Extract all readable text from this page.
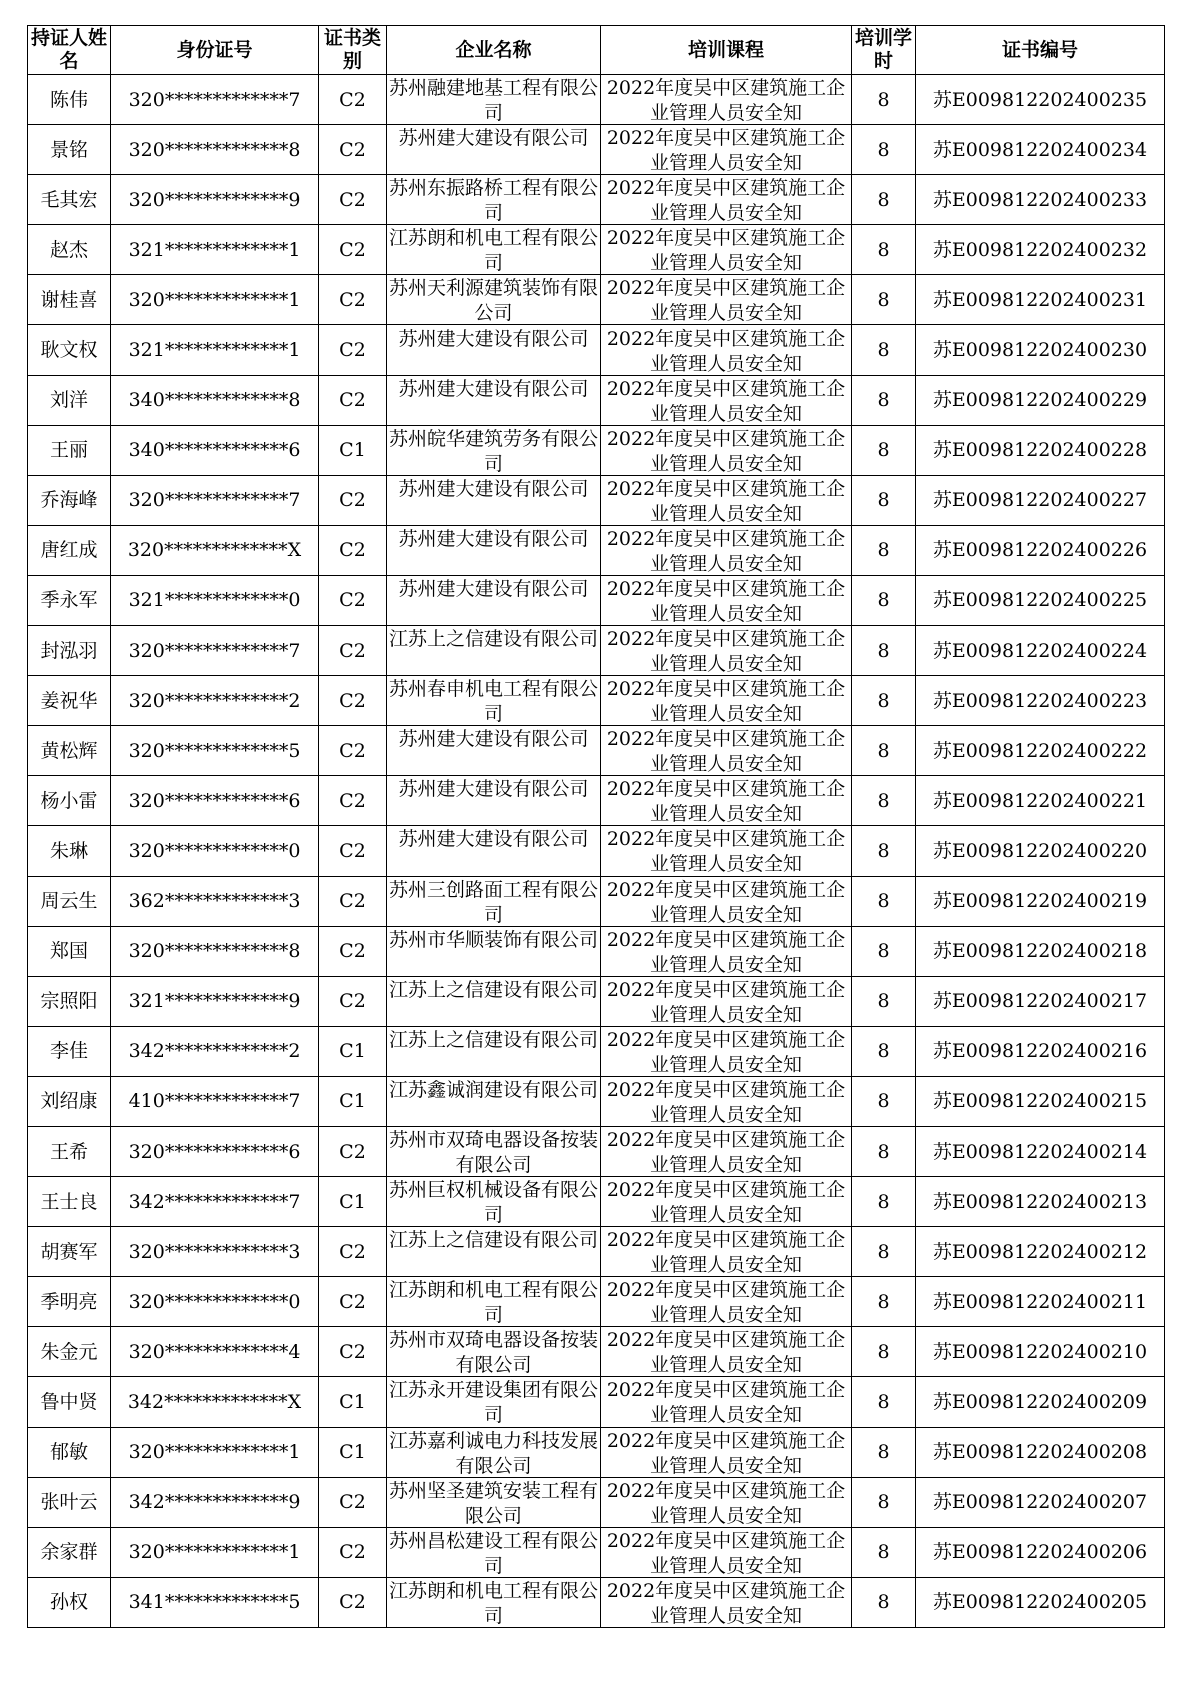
持证人姓名	身份证号	证书类别	企业名称	培训课程	培训学时	证书编号
陈伟	320*************7	C2	苏州融建地基工程有限公司	2022年度吴中区建筑施工企业管理人员安全知	8	苏E009812202400235
景铭	320*************8	C2	苏州建大建设有限公司	2022年度吴中区建筑施工企业管理人员安全知	8	苏E009812202400234
毛其宏	320*************9	C2	苏州东振路桥工程有限公司	2022年度吴中区建筑施工企业管理人员安全知	8	苏E009812202400233
赵杰	321*************1	C2	江苏朗和机电工程有限公司	2022年度吴中区建筑施工企业管理人员安全知	8	苏E009812202400232
谢桂喜	320*************1	C2	苏州天利源建筑装饰有限公司	2022年度吴中区建筑施工企业管理人员安全知	8	苏E009812202400231
耿文权	321*************1	C2	苏州建大建设有限公司	2022年度吴中区建筑施工企业管理人员安全知	8	苏E009812202400230
刘洋	340*************8	C2	苏州建大建设有限公司	2022年度吴中区建筑施工企业管理人员安全知	8	苏E009812202400229
王丽	340*************6	C1	苏州皖华建筑劳务有限公司	2022年度吴中区建筑施工企业管理人员安全知	8	苏E009812202400228
乔海峰	320*************7	C2	苏州建大建设有限公司	2022年度吴中区建筑施工企业管理人员安全知	8	苏E009812202400227
唐红成	320*************X	C2	苏州建大建设有限公司	2022年度吴中区建筑施工企业管理人员安全知	8	苏E009812202400226
季永军	321*************0	C2	苏州建大建设有限公司	2022年度吴中区建筑施工企业管理人员安全知	8	苏E009812202400225
封泓羽	320*************7	C2	江苏上之信建设有限公司	2022年度吴中区建筑施工企业管理人员安全知	8	苏E009812202400224
姜祝华	320*************2	C2	苏州春申机电工程有限公司	2022年度吴中区建筑施工企业管理人员安全知	8	苏E009812202400223
黄松辉	320*************5	C2	苏州建大建设有限公司	2022年度吴中区建筑施工企业管理人员安全知	8	苏E009812202400222
杨小雷	320*************6	C2	苏州建大建设有限公司	2022年度吴中区建筑施工企业管理人员安全知	8	苏E009812202400221
朱琳	320*************0	C2	苏州建大建设有限公司	2022年度吴中区建筑施工企业管理人员安全知	8	苏E009812202400220
周云生	362*************3	C2	苏州三创路面工程有限公司	2022年度吴中区建筑施工企业管理人员安全知	8	苏E009812202400219
郑国	320*************8	C2	苏州市华顺装饰有限公司	2022年度吴中区建筑施工企业管理人员安全知	8	苏E009812202400218
宗照阳	321*************9	C2	江苏上之信建设有限公司	2022年度吴中区建筑施工企业管理人员安全知	8	苏E009812202400217
李佳	342*************2	C1	江苏上之信建设有限公司	2022年度吴中区建筑施工企业管理人员安全知	8	苏E009812202400216
刘绍康	410*************7	C1	江苏鑫诚润建设有限公司	2022年度吴中区建筑施工企业管理人员安全知	8	苏E009812202400215
王希	320*************6	C2	苏州市双琦电器设备按装有限公司	2022年度吴中区建筑施工企业管理人员安全知	8	苏E009812202400214
王士良	342*************7	C1	苏州巨权机械设备有限公司	2022年度吴中区建筑施工企业管理人员安全知	8	苏E009812202400213
胡赛军	320*************3	C2	江苏上之信建设有限公司	2022年度吴中区建筑施工企业管理人员安全知	8	苏E009812202400212
季明亮	320*************0	C2	江苏朗和机电工程有限公司	2022年度吴中区建筑施工企业管理人员安全知	8	苏E009812202400211
朱金元	320*************4	C2	苏州市双琦电器设备按装有限公司	2022年度吴中区建筑施工企业管理人员安全知	8	苏E009812202400210
鲁中贤	342*************X	C1	江苏永开建设集团有限公司	2022年度吴中区建筑施工企业管理人员安全知	8	苏E009812202400209
郁敏	320*************1	C1	江苏嘉利诚电力科技发展有限公司	2022年度吴中区建筑施工企业管理人员安全知	8	苏E009812202400208
张叶云	342*************9	C2	苏州坚圣建筑安装工程有限公司	2022年度吴中区建筑施工企业管理人员安全知	8	苏E009812202400207
余家群	320*************1	C2	苏州昌松建设工程有限公司	2022年度吴中区建筑施工企业管理人员安全知	8	苏E009812202400206
孙权	341*************5	C2	江苏朗和机电工程有限公司	2022年度吴中区建筑施工企业管理人员安全知	8	苏E009812202400205
